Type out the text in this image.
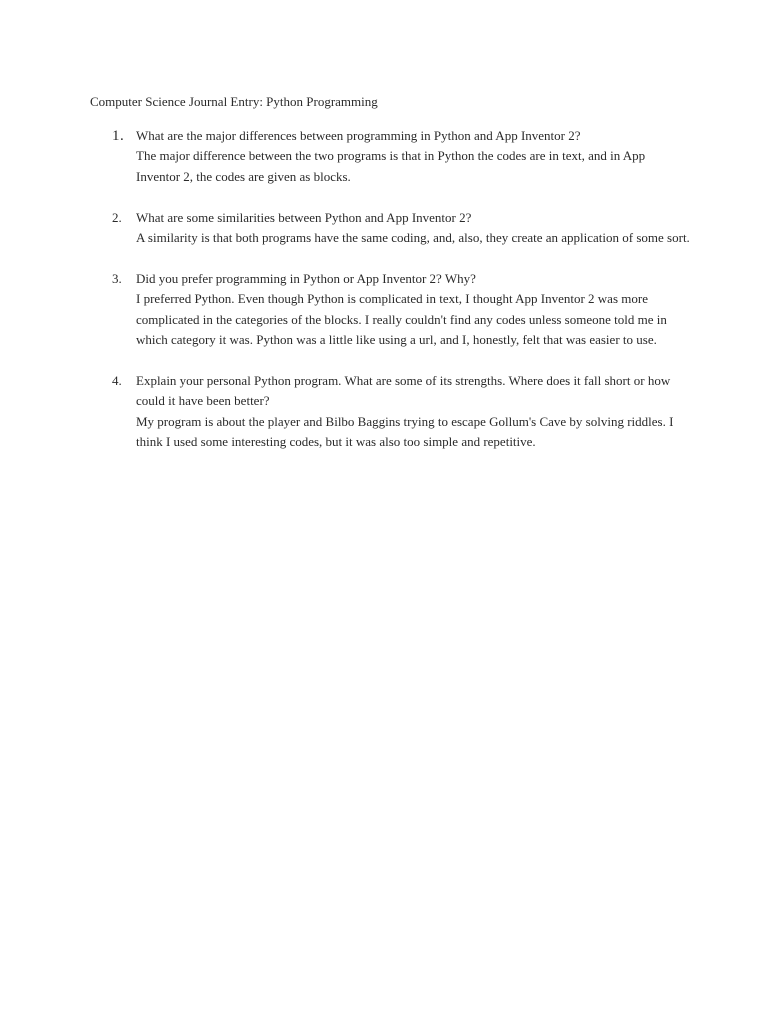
Computer Science Journal Entry: Python Programming
1. What are the major differences between programming in Python and App Inventor 2?
The major difference between the two programs is that in Python the codes are in text, and in App Inventor 2, the codes are given as blocks.
2.	What are some similarities between Python and App Inventor 2?
A similarity is that both programs have the same coding, and, also, they create an application of some sort.
3.	Did you prefer programming in Python or App Inventor 2? Why?
I preferred Python. Even though Python is complicated in text, I thought App Inventor 2 was more complicated in the categories of the blocks. I really couldn't find any codes unless someone told me in which category it was. Python was a little like using a url, and I, honestly, felt that was easier to use.
4.	Explain your personal Python program. What are some of its strengths. Where does it fall short or how could it have been better?
My program is about the player and Bilbo Baggins trying to escape Gollum's Cave by solving riddles. I think I used some interesting codes, but it was also too simple and repetitive.
